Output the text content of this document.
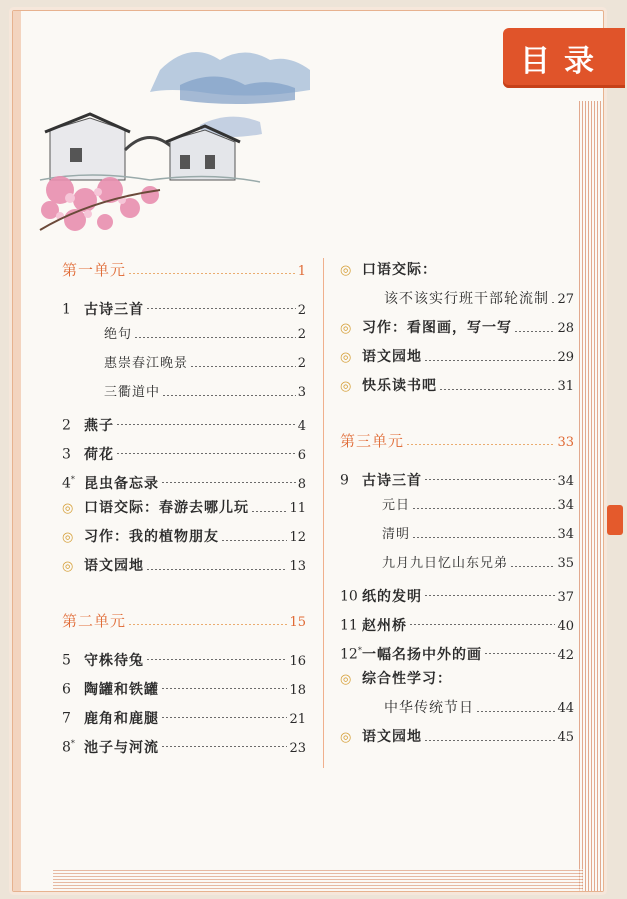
目录
第一单元	1
1 古诗三首	2
绝句	2
惠崇春江晚景	2
三衢道中	3
2 燕子	4
3 荷花	6
4* 昆虫备忘录	8
◎ 口语交际：春游去哪儿玩	11
◎ 习作：我的植物朋友	12
◎ 语文园地	13
第二单元	15
5 守株待兔	16
6 陶罐和铁罐	18
7 鹿角和鹿腿	21
8* 池子与河流	23
◎ 口语交际：
该不该实行班干部轮流制 27
◎ 习作：看图画，写一写	28
◎ 语文园地	29
◎ 快乐读书吧	31
第三单元	33
9 古诗三首	34
元日	34
清明	34
九月九日忆山东兄弟	35
10 纸的发明	37
11 赵州桥	40
12* 一幅名扬中外的画	42
◎ 综合性学习：
中华传统节日	44
◎ 语文园地	45
